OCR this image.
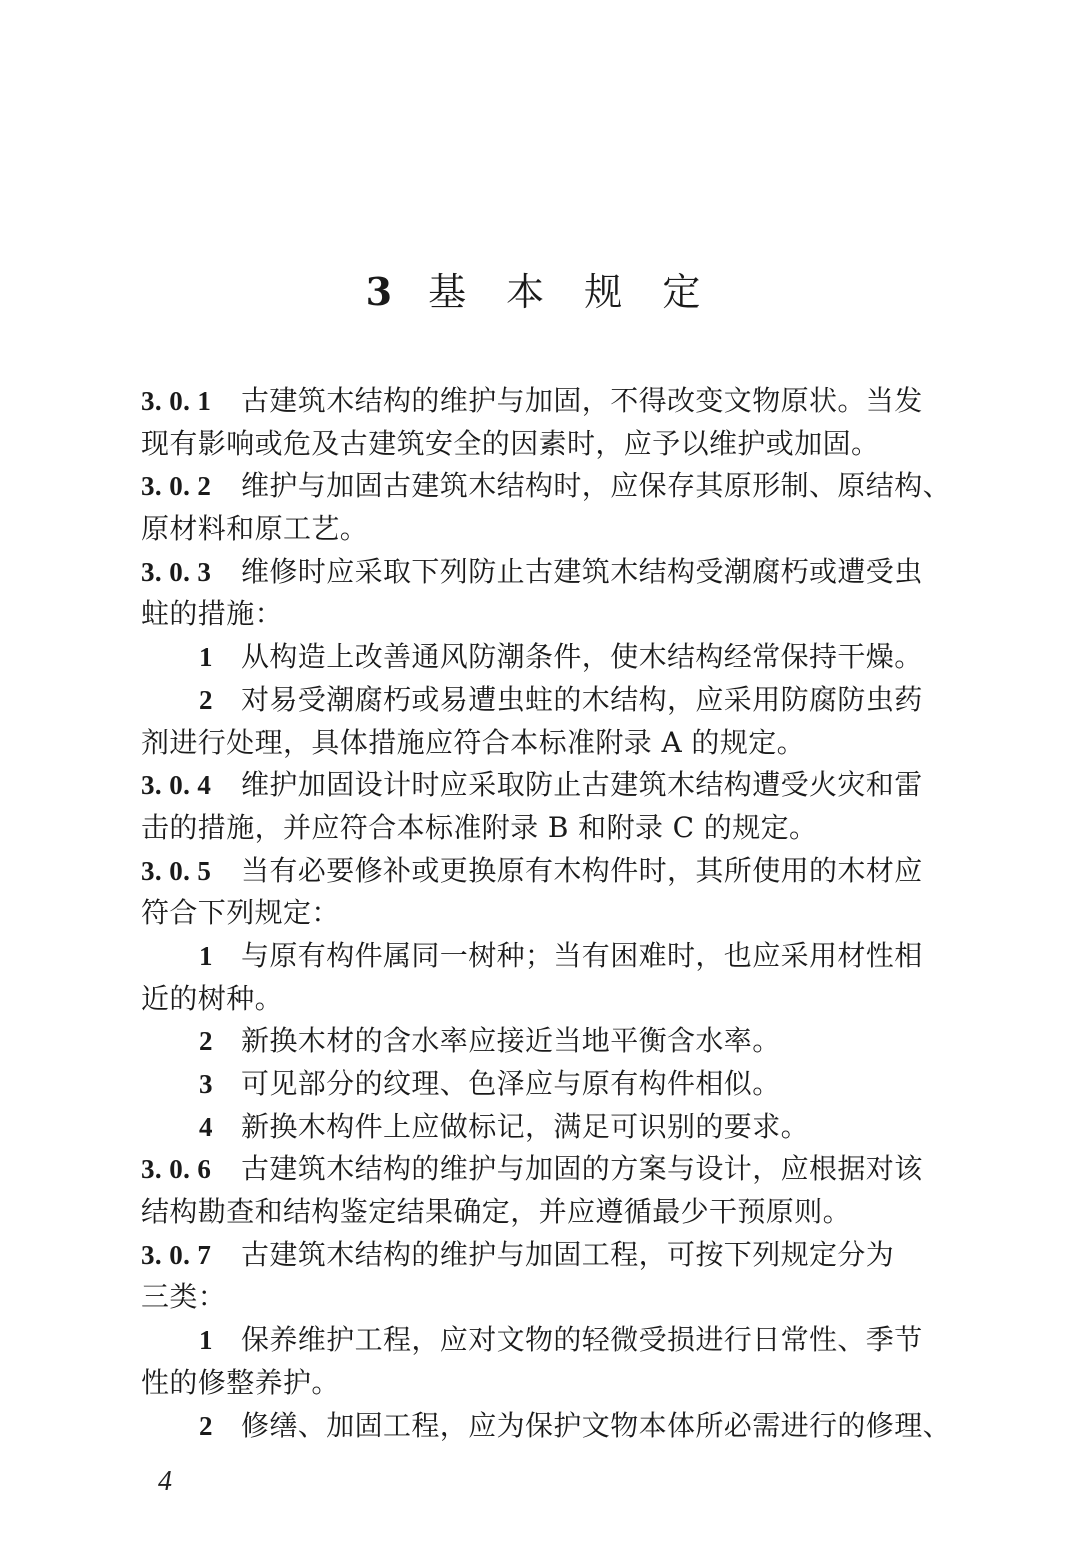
3 基 本 规 定
3. 0. 1 古建筑木结构的维护与加固，不得改变文物原状。当发
现有影响或危及古建筑安全的因素时，应予以维护或加固。
3. 0. 2 维护与加固古建筑木结构时，应保存其原形制、原结构、
原材料和原工艺。
3. 0. 3 维修时应采取下列防止古建筑木结构受潮腐朽或遭受虫
蛀的措施：
1 从构造上改善通风防潮条件，使木结构经常保持干燥。
2 对易受潮腐朽或易遭虫蛀的木结构，应采用防腐防虫药
剂进行处理，具体措施应符合本标准附录 A 的规定。
3. 0. 4 维护加固设计时应采取防止古建筑木结构遭受火灾和雷
击的措施，并应符合本标准附录 B 和附录 C 的规定。
3. 0. 5 当有必要修补或更换原有木构件时，其所使用的木材应
符合下列规定：
1 与原有构件属同一树种；当有困难时，也应采用材性相
近的树种。
2 新换木材的含水率应接近当地平衡含水率。
3 可见部分的纹理、色泽应与原有构件相似。
4 新换木构件上应做标记，满足可识别的要求。
3. 0. 6 古建筑木结构的维护与加固的方案与设计，应根据对该
结构勘查和结构鉴定结果确定，并应遵循最少干预原则。
3. 0. 7 古建筑木结构的维护与加固工程，可按下列规定分为
三类：
1 保养维护工程，应对文物的轻微受损进行日常性、季节
性的修整养护。
2 修缮、加固工程，应为保护文物本体所必需进行的修理、
4
